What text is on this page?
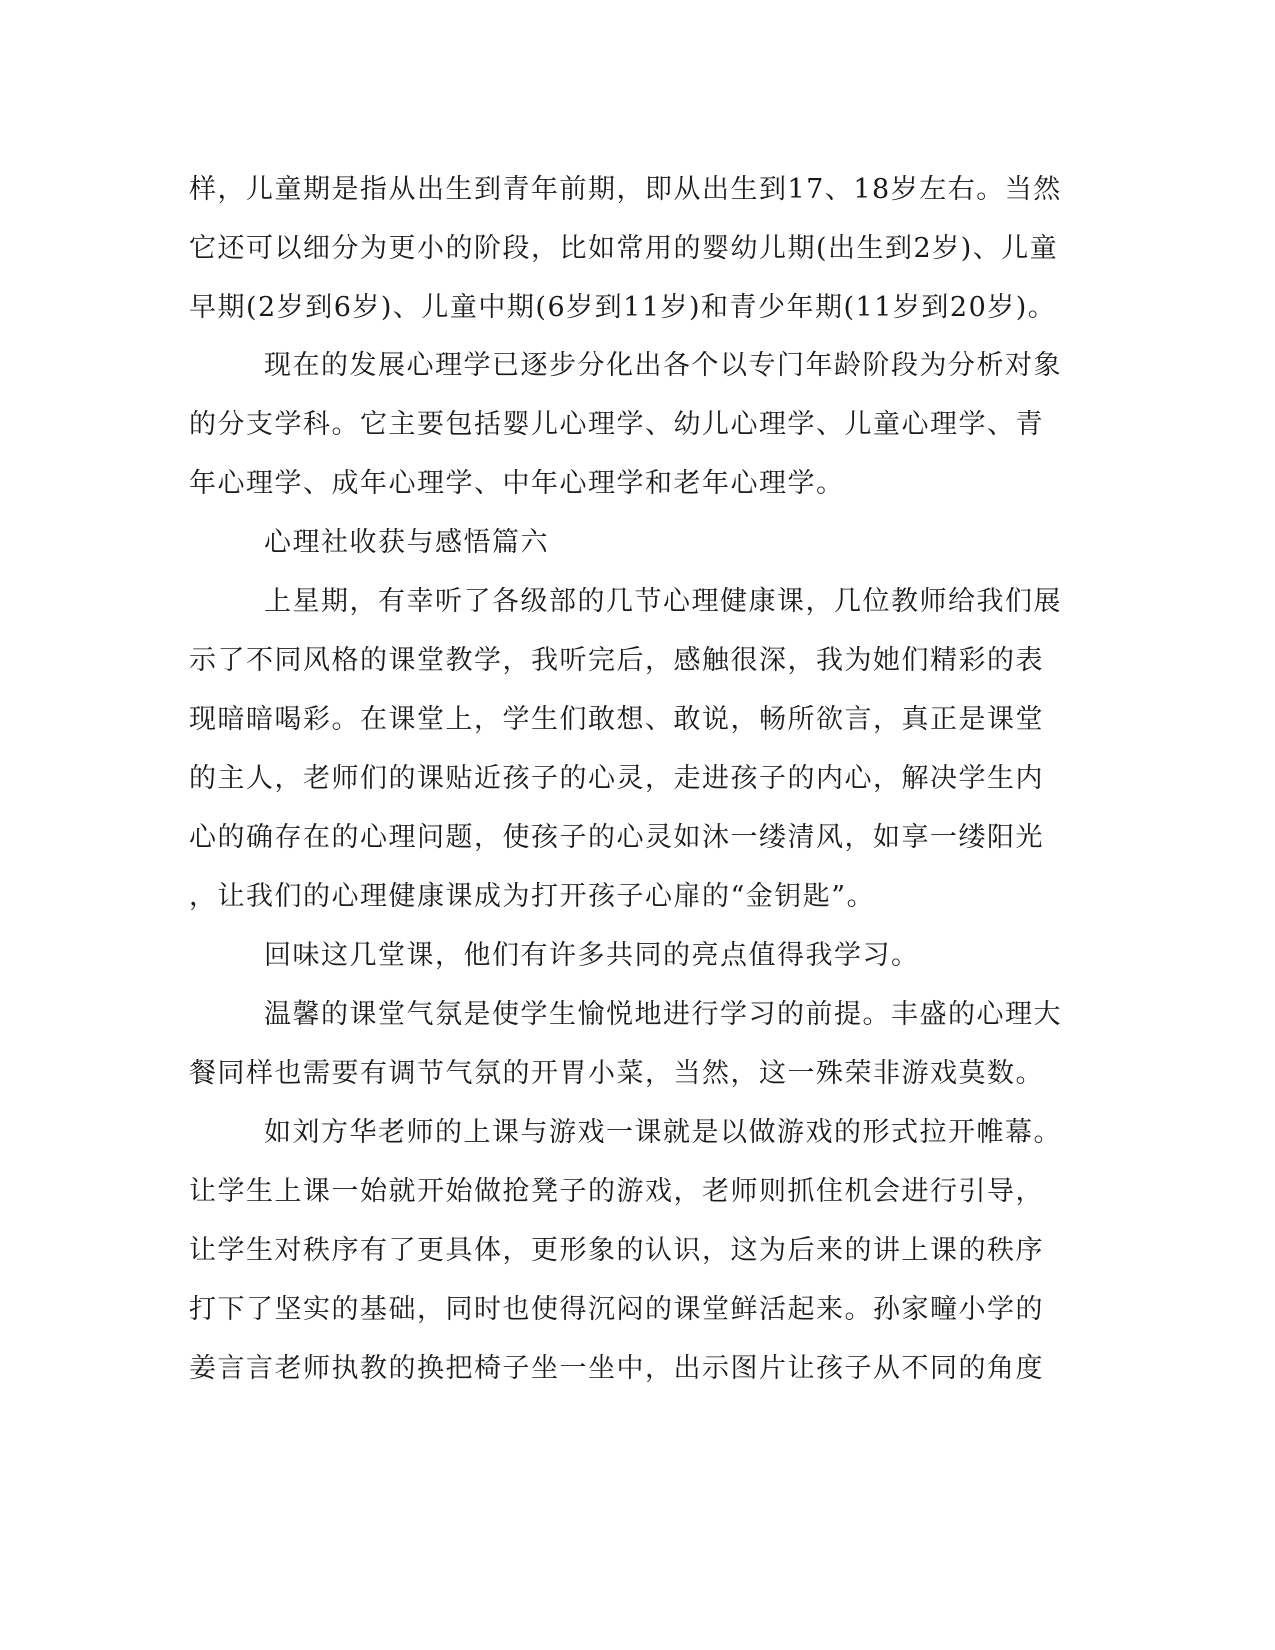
样，儿童期是指从出生到青年前期，即从出生到17、18岁左右。当然
它还可以细分为更小的阶段，比如常用的婴幼儿期(出生到2岁)、儿童
早期(2岁到6岁)、儿童中期(6岁到11岁)和青少年期(11岁到20岁)。
现在的发展心理学已逐步分化出各个以专门年龄阶段为分析对象
的分支学科。它主要包括婴儿心理学、幼儿心理学、儿童心理学、青
年心理学、成年心理学、中年心理学和老年心理学。
心理社收获与感悟篇六
上星期，有幸听了各级部的几节心理健康课，几位教师给我们展
示了不同风格的课堂教学，我听完后，感触很深，我为她们精彩的表
现暗暗喝彩。在课堂上，学生们敢想、敢说，畅所欲言，真正是课堂
的主人，老师们的课贴近孩子的心灵，走进孩子的内心，解决学生内
心的确存在的心理问题，使孩子的心灵如沐一缕清风，如享一缕阳光
，让我们的心理健康课成为打开孩子心扉的“金钥匙”。
回味这几堂课，他们有许多共同的亮点值得我学习。
温馨的课堂气氛是使学生愉悦地进行学习的前提。丰盛的心理大
餐同样也需要有调节气氛的开胃小菜，当然，这一殊荣非游戏莫数。
如刘方华老师的上课与游戏一课就是以做游戏的形式拉开帷幕。
让学生上课一始就开始做抢凳子的游戏，老师则抓住机会进行引导，
让学生对秩序有了更具体，更形象的认识，这为后来的讲上课的秩序
打下了坚实的基础，同时也使得沉闷的课堂鲜活起来。孙家疃小学的
姜言言老师执教的换把椅子坐一坐中，出示图片让孩子从不同的角度
